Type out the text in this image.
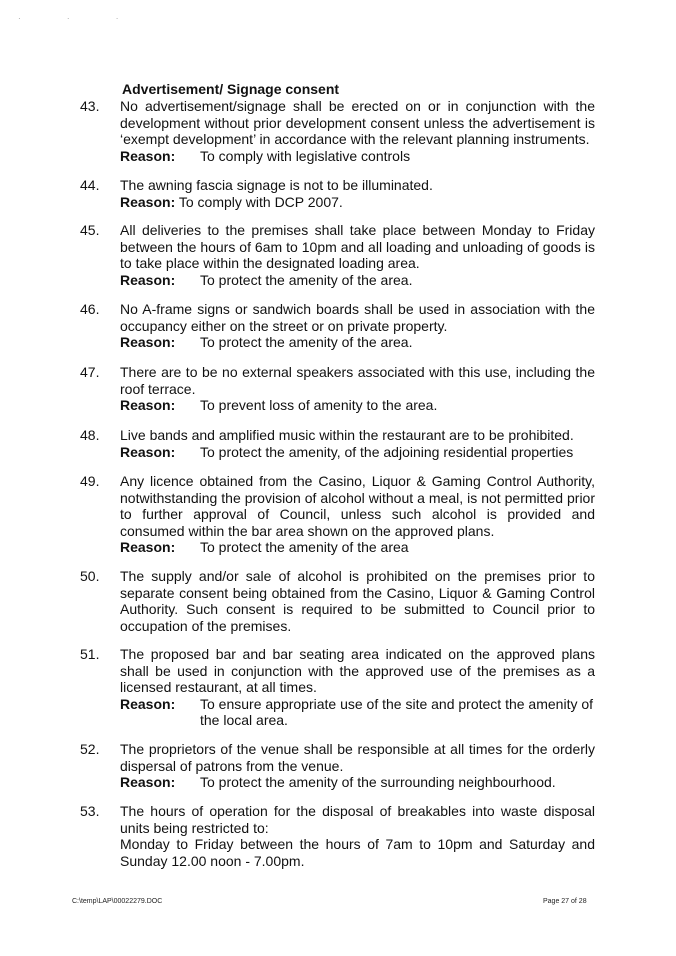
· · ·
Advertisement/ Signage consent
43.	No advertisement/signage shall be erected on or in conjunction with the development without prior development consent unless the advertisement is ‘exempt development’ in accordance with the relevant planning instruments.
Reason:	To comply with legislative controls
44.	The awning fascia signage is not to be illuminated.
Reason: To comply with DCP 2007.
45.	All deliveries to the premises shall take place between Monday to Friday between the hours of 6am to 10pm and all loading and unloading of goods is to take place within the designated loading area.
Reason:	To protect the amenity of the area.
46.	No A-frame signs or sandwich boards shall be used in association with the occupancy either on the street or on private property.
Reason:	To protect the amenity of the area.
47.	There are to be no external speakers associated with this use, including the roof terrace.
Reason:	To prevent loss of amenity to the area.
48.	Live bands and amplified music within the restaurant are to be prohibited.
Reason:	To protect the amenity, of the adjoining residential properties
49.	Any licence obtained from the Casino, Liquor & Gaming Control Authority, notwithstanding the provision of alcohol without a meal, is not permitted prior to further approval of Council, unless such alcohol is provided and consumed within the bar area shown on the approved plans.
Reason:	To protect the amenity of the area
50.	The supply and/or sale of alcohol is prohibited on the premises prior to separate consent being obtained from the Casino, Liquor & Gaming Control Authority. Such consent is required to be submitted to Council prior to occupation of the premises.
51.	The proposed bar and bar seating area indicated on the approved plans shall be used in conjunction with the approved use of the premises as a licensed restaurant, at all times.
Reason:	To ensure appropriate use of the site and protect the amenity of the local area.
52.	The proprietors of the venue shall be responsible at all times for the orderly dispersal of patrons from the venue.
Reason:	To protect the amenity of the surrounding neighbourhood.
53.	The hours of operation for the disposal of breakables into waste disposal units being restricted to:
Monday to Friday between the hours of 7am to 10pm and Saturday and Sunday 12.00 noon - 7.00pm.
C:\temp\LAP\00022279.DOC	Page 27 of 28
